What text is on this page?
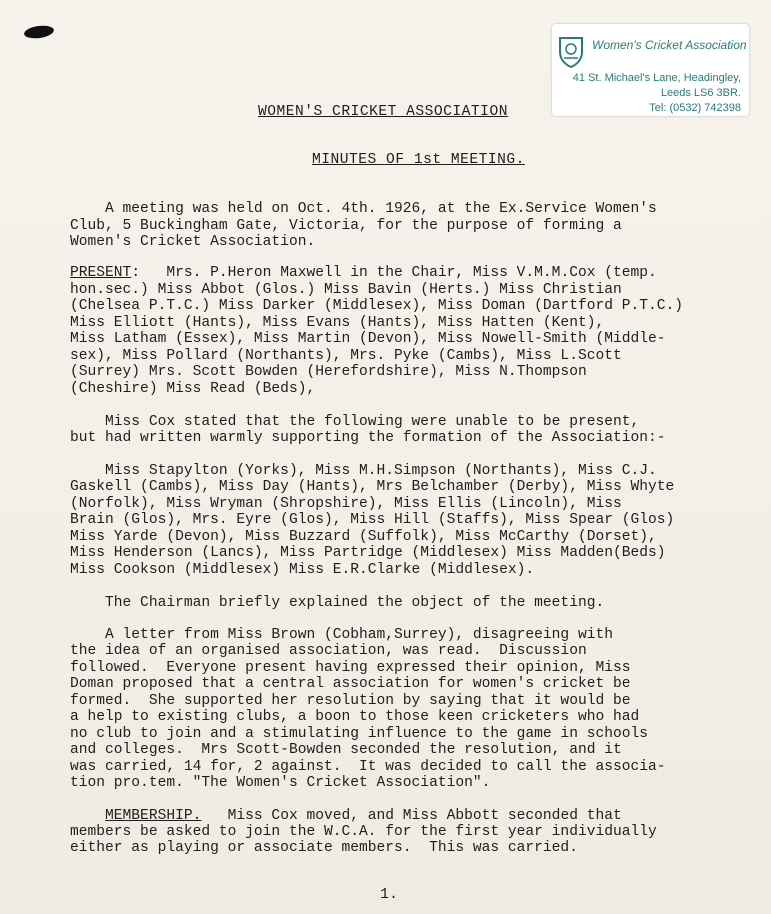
Women's Cricket Association
41 St. Michael's Lane, Headingley,
Leeds LS6 3BR.
Tel: (0532) 742398
WOMEN'S CRICKET ASSOCIATION
MINUTES OF 1st MEETING.
A meeting was held on Oct. 4th. 1926, at the Ex.Service Women's
Club, 5 Buckingham Gate, Victoria, for the purpose of forming a
Women's Cricket Association.
PRESENT:   Mrs. P.Heron Maxwell in the Chair, Miss V.M.M.Cox (temp.
hon.sec.) Miss Abbot (Glos.) Miss Bavin (Herts.) Miss Christian
(Chelsea P.T.C.) Miss Darker (Middlesex), Miss Doman (Dartford P.T.C.)
Miss Elliott (Hants), Miss Evans (Hants), Miss Hatten (Kent),
Miss Latham (Essex), Miss Martin (Devon), Miss Nowell-Smith (Middle-
sex), Miss Pollard (Northants), Mrs. Pyke (Cambs), Miss L.Scott
(Surrey) Mrs. Scott Bowden (Herefordshire), Miss N.Thompson
(Cheshire) Miss Read (Beds),
Miss Cox stated that the following were unable to be present,
but had written warmly supporting the formation of the Association:-
Miss Stapylton (Yorks), Miss M.H.Simpson (Northants), Miss C.J.
Gaskell (Cambs), Miss Day (Hants), Mrs Belchamber (Derby), Miss Whyte
(Norfolk), Miss Wryman (Shropshire), Miss Ellis (Lincoln), Miss
Brain (Glos), Mrs. Eyre (Glos), Miss Hill (Staffs), Miss Spear (Glos)
Miss Yarde (Devon), Miss Buzzard (Suffolk), Miss McCarthy (Dorset),
Miss Henderson (Lancs), Miss Partridge (Middlesex) Miss Madden(Beds)
Miss Cookson (Middlesex) Miss E.R.Clarke (Middlesex).
The Chairman briefly explained the object of the meeting.
A letter from Miss Brown (Cobham,Surrey), disagreeing with
the idea of an organised association, was read.  Discussion
followed.  Everyone present having expressed their opinion, Miss
Doman proposed that a central association for women's cricket be
formed.  She supported her resolution by saying that it would be
a help to existing clubs, a boon to those keen cricketers who had
no club to join and a stimulating influence to the game in schools
and colleges.  Mrs Scott-Bowden seconded the resolution, and it
was carried, 14 for, 2 against.  It was decided to call the associa-
tion pro.tem. "The Women's Cricket Association".
MEMBERSHIP.   Miss Cox moved, and Miss Abbott seconded that
members be asked to join the W.C.A. for the first year individually
either as playing or associate members.  This was carried.
1.
